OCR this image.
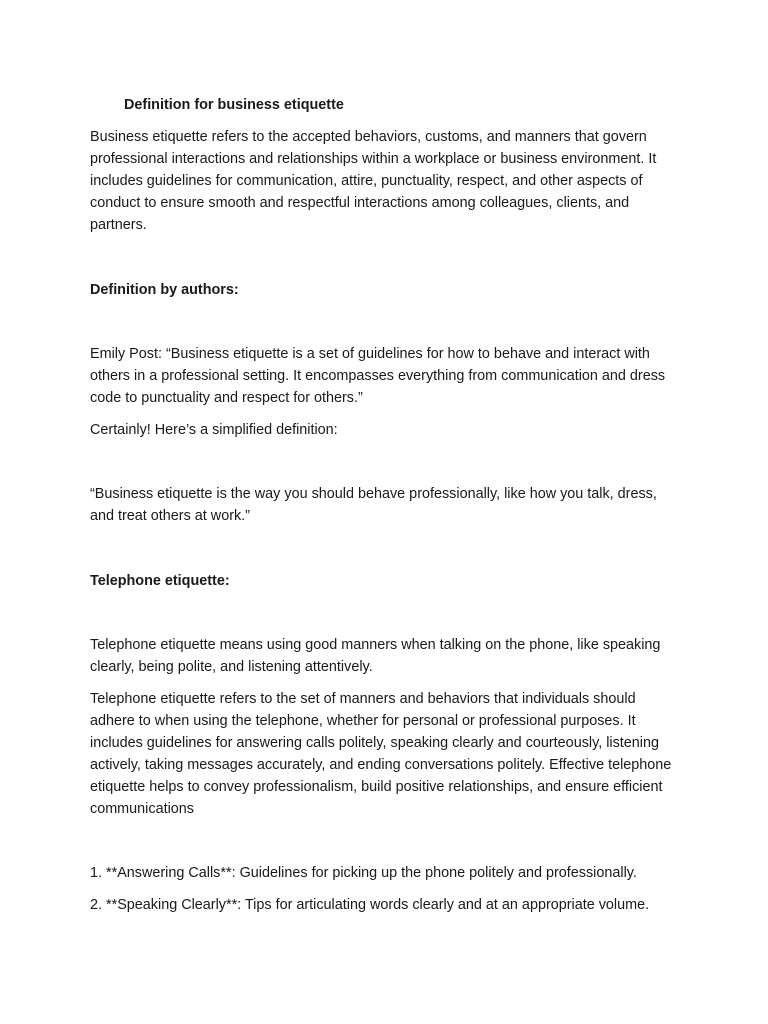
Definition for business etiquette

Business etiquette refers to the accepted behaviors, customs, and manners that govern professional interactions and relationships within a workplace or business environment. It includes guidelines for communication, attire, punctuality, respect, and other aspects of conduct to ensure smooth and respectful interactions among colleagues, clients, and partners.

Definition by authors:

Emily Post: “Business etiquette is a set of guidelines for how to behave and interact with others in a professional setting. It encompasses everything from communication and dress code to punctuality and respect for others.”

Certainly! Here’s a simplified definition:

“Business etiquette is the way you should behave professionally, like how you talk, dress, and treat others at work.”

Telephone etiquette:

Telephone etiquette means using good manners when talking on the phone, like speaking clearly, being polite, and listening attentively.

Telephone etiquette refers to the set of manners and behaviors that individuals should adhere to when using the telephone, whether for personal or professional purposes. It includes guidelines for answering calls politely, speaking clearly and courteously, listening actively, taking messages accurately, and ending conversations politely. Effective telephone etiquette helps to convey professionalism, build positive relationships, and ensure efficient communications

1. **Answering Calls**: Guidelines for picking up the phone politely and professionally.

2. **Speaking Clearly**: Tips for articulating words clearly and at an appropriate volume.
